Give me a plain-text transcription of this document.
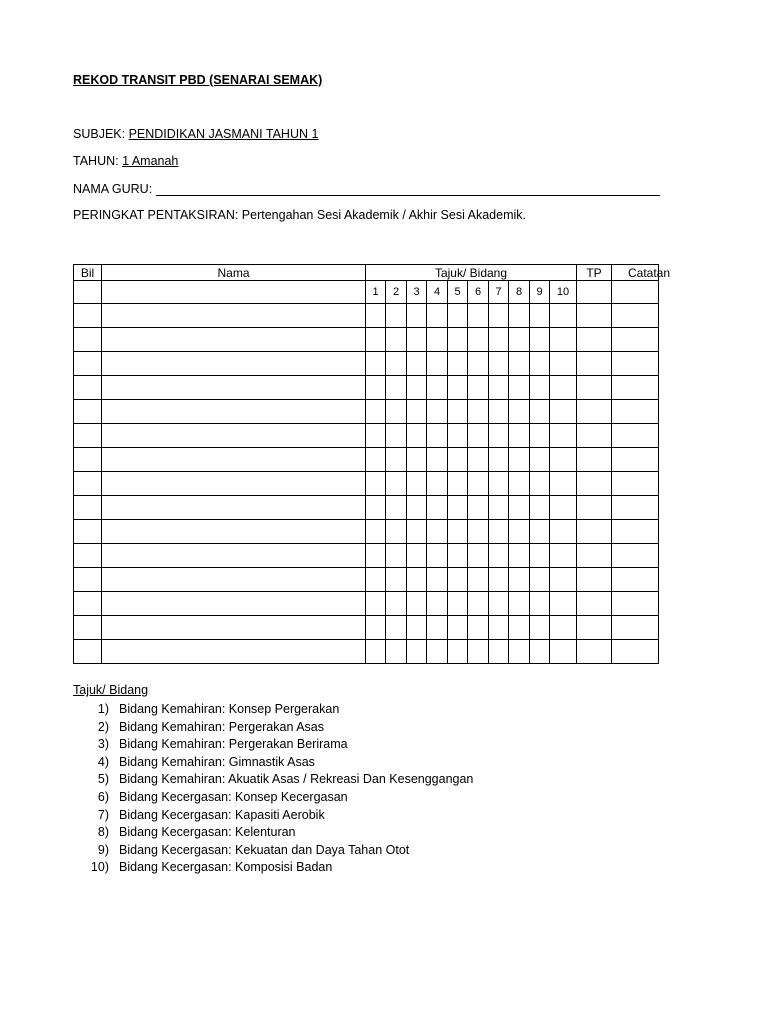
REKOD TRANSIT PBD (SENARAI SEMAK)
SUBJEK: PENDIDIKAN JASMANI TAHUN 1
TAHUN: 1 Amanah
NAMA GURU:
PERINGKAT PENTAKSIRAN: Pertengahan Sesi Akademik / Akhir Sesi Akademik.
Bil	Nama	Tajuk/ Bidang										TP	Catatan
		1	2	3	4	5	6	7	8	9	10		

Tajuk/ Bidang
1) Bidang Kemahiran: Konsep Pergerakan
2) Bidang Kemahiran: Pergerakan Asas
3) Bidang Kemahiran: Pergerakan Berirama
4) Bidang Kemahiran: Gimnastik Asas
5) Bidang Kemahiran: Akuatik Asas / Rekreasi Dan Kesenggangan
6) Bidang Kecergasan: Konsep Kecergasan
7) Bidang Kecergasan: Kapasiti Aerobik
8) Bidang Kecergasan: Kelenturan
9) Bidang Kecergasan: Kekuatan dan Daya Tahan Otot
10) Bidang Kecergasan: Komposisi Badan
